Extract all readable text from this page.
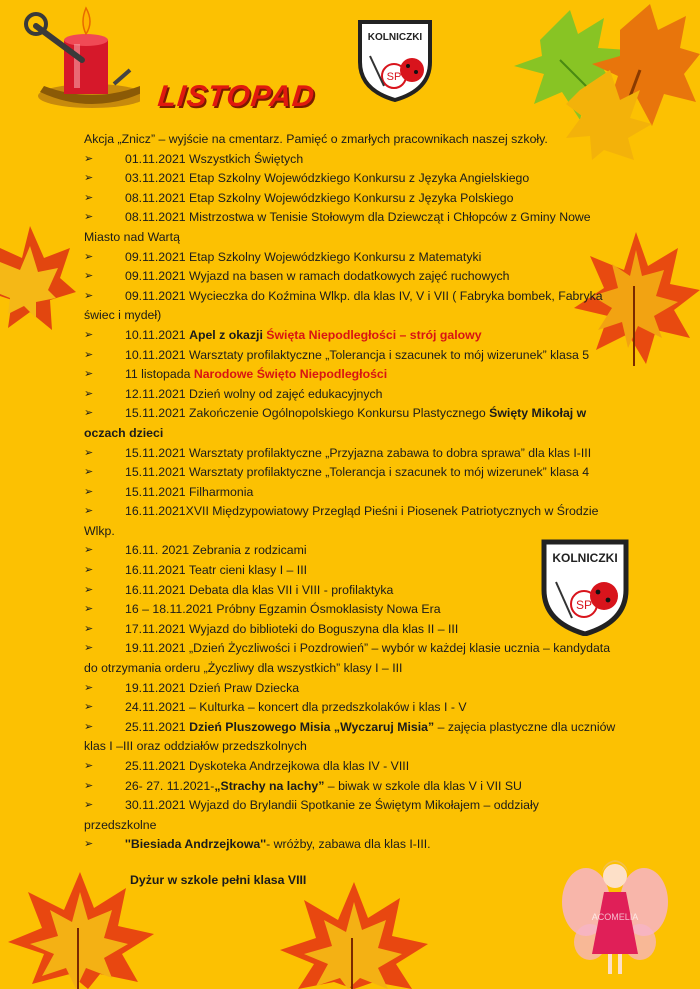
KOLNICZKI
SP
KOLNICZKI
SP
ACOMELIA
LISTOPAD
Akcja „Znicz” – wyjście na cmentarz. Pamięć o zmarłych pracownikach naszej szkoły.
➢	01.11.2021 Wszystkich Świętych
➢	03.11.2021 Etap Szkolny Wojewódzkiego Konkursu z Języka Angielskiego
➢	08.11.2021 Etap Szkolny Wojewódzkiego Konkursu z Języka Polskiego
➢	08.11.2021 Mistrzostwa w Tenisie Stołowym dla Dziewcząt i Chłopców z Gminy Nowe
Miasto nad Wartą
➢	09.11.2021 Etap Szkolny Wojewódzkiego Konkursu z Matematyki
➢	09.11.2021 Wyjazd na basen w ramach dodatkowych zajęć ruchowych
➢	09.11.2021 Wycieczka do Koźmina Wlkp. dla klas IV, V i VII ( Fabryka bombek, Fabryka
świec i mydeł)
➢	10.11.2021 Apel z okazji Święta Niepodległości – strój galowy
➢	10.11.2021 Warsztaty profilaktyczne „Tolerancja i szacunek to mój wizerunek” klasa 5
➢	11 listopada Narodowe Święto Niepodległości
➢	12.11.2021 Dzień wolny od zajęć edukacyjnych
➢	15.11.2021 Zakończenie Ogólnopolskiego Konkursu Plastycznego Święty Mikołaj w
oczach dzieci
➢	15.11.2021 Warsztaty profilaktyczne „Przyjazna zabawa to dobra sprawa” dla klas I-III
➢	15.11.2021 Warsztaty profilaktyczne „Tolerancja i szacunek to mój wizerunek” klasa 4
➢	15.11.2021 Filharmonia
➢	16.11.2021XVII Międzypowiatowy Przegląd Pieśni i Piosenek Patriotycznych w Środzie
Wlkp.
➢	16.11. 2021 Zebrania z rodzicami
➢	16.11.2021 Teatr cieni klasy I – III
➢	16.11.2021 Debata dla klas VII i VIII - profilaktyka
➢	16 – 18.11.2021 Próbny Egzamin Ósmoklasisty Nowa Era
➢	17.11.2021 Wyjazd do biblioteki do Boguszyna dla klas II – III
➢	19.11.2021 „Dzień Życzliwości i Pozdrowień” – wybór w każdej klasie ucznia – kandydata
do otrzymania orderu „Życzliwy dla wszystkich” klasy I – III
➢	19.11.2021 Dzień Praw Dziecka
➢	24.11.2021 – Kulturka – koncert dla przedszkolaków i klas I - V
➢	25.11.2021 Dzień Pluszowego Misia „Wyczaruj Misia” – zajęcia plastyczne dla uczniów
klas I –III oraz oddziałów przedszkolnych
➢	25.11.2021 Dyskoteka Andrzejkowa dla klas IV - VIII
➢	26- 27. 11.2021-„Strachy na lachy” – biwak w szkole dla klas V i VII SU
➢	30.11.2021 Wyjazd do Brylandii Spotkanie ze Świętym Mikołajem – oddziały
przedszkolne
➢	''Biesiada Andrzejkowa''- wróżby, zabawa dla klas I-III.
Dyżur w szkole pełni klasa VIII
